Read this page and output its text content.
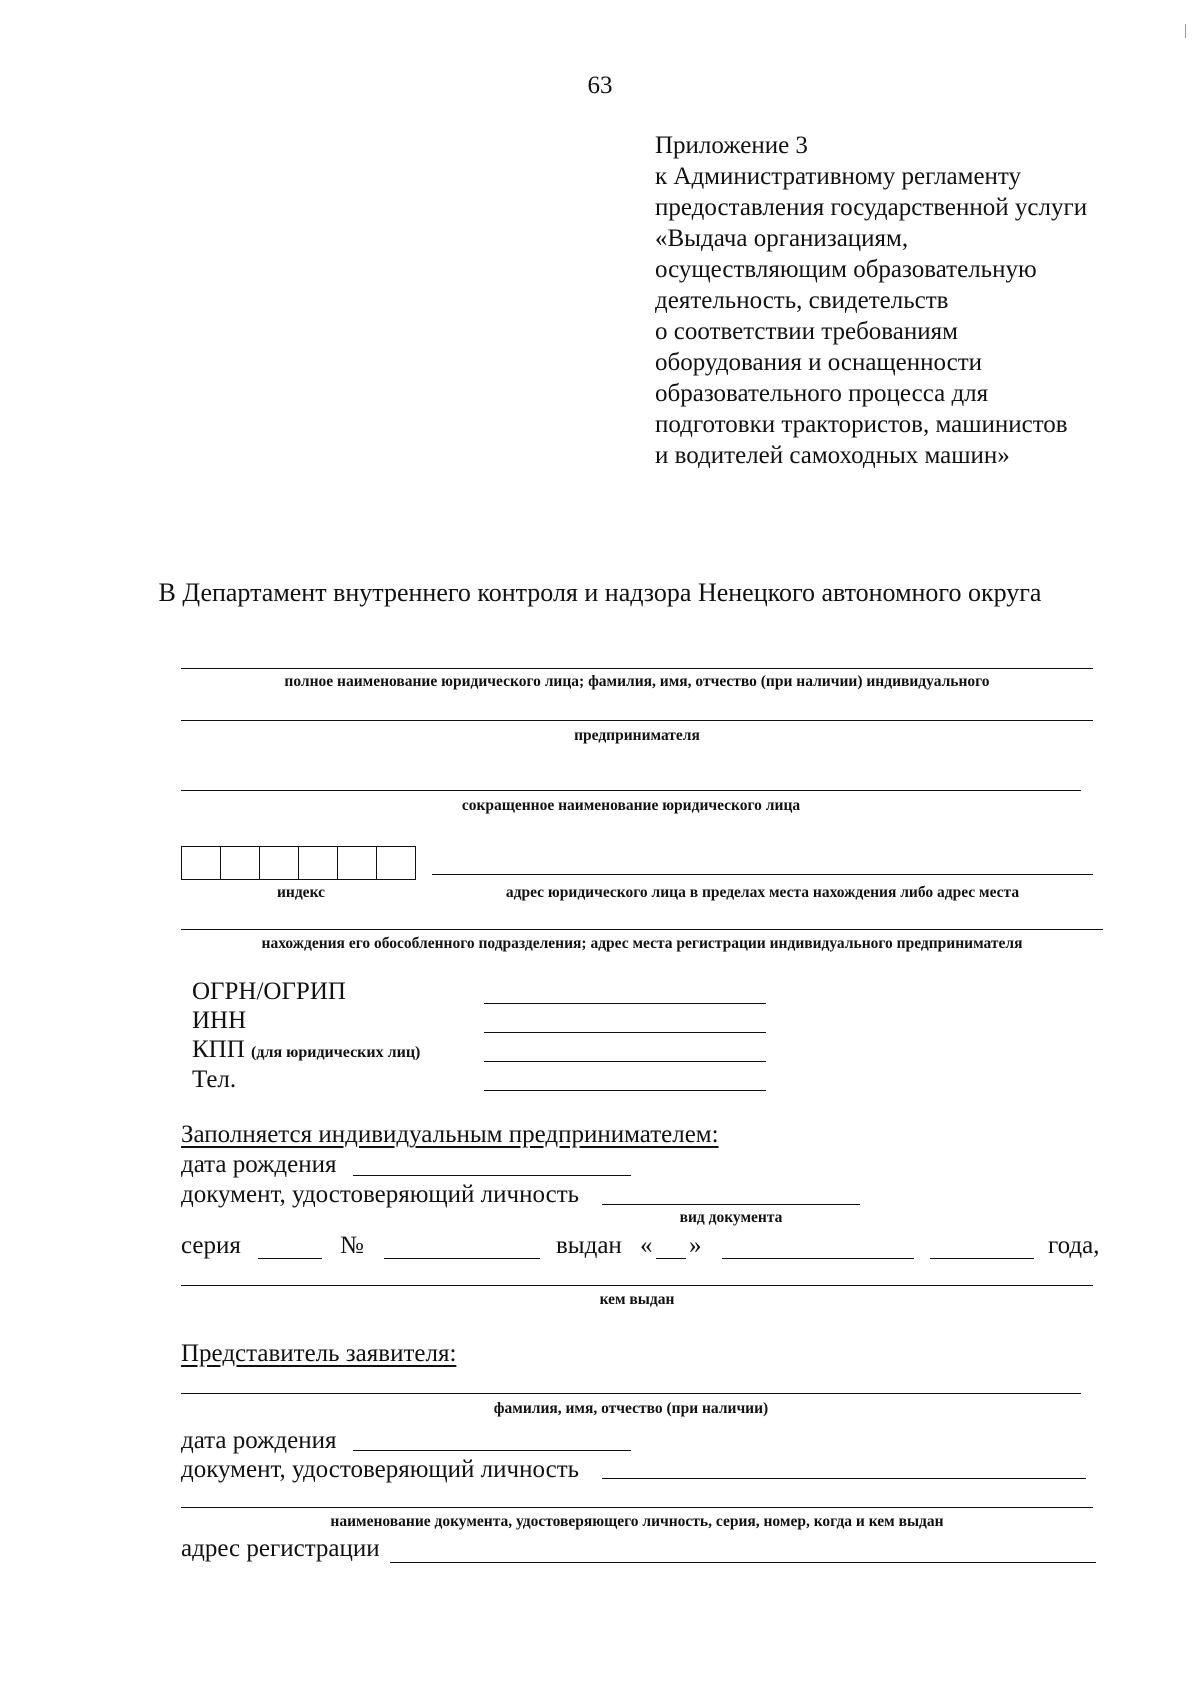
63
Приложение 3
к Административному регламенту
предоставления государственной услуги
«Выдача организациям,
осуществляющим образовательную
деятельность, свидетельств
о соответствии требованиям
оборудования и оснащенности
образовательного процесса для
подготовки трактористов, машинистов
и водителей самоходных машин»
В Департамент внутреннего контроля и надзора Ненецкого автономного округа
полное наименование юридического лица; фамилия, имя, отчество (при наличии) индивидуального
предпринимателя
сокращенное наименование юридического лица
индекс	адрес юридического лица в пределах места нахождения либо адрес места
нахождения его обособленного подразделения; адрес места регистрации индивидуального предпринимателя
ОГРН/ОГРИП
ИНН
КПП (для юридических лиц)
Тел.
Заполняется индивидуальным предпринимателем:
дата рождения
документ, удостоверяющий личность
вид документа
серия	№	выдан « »	года,
кем выдан
Представитель заявителя:
фамилия, имя, отчество (при наличии)
дата рождения
документ, удостоверяющий личность
наименование документа, удостоверяющего личность, серия, номер, когда и кем выдан
адрес регистрации
